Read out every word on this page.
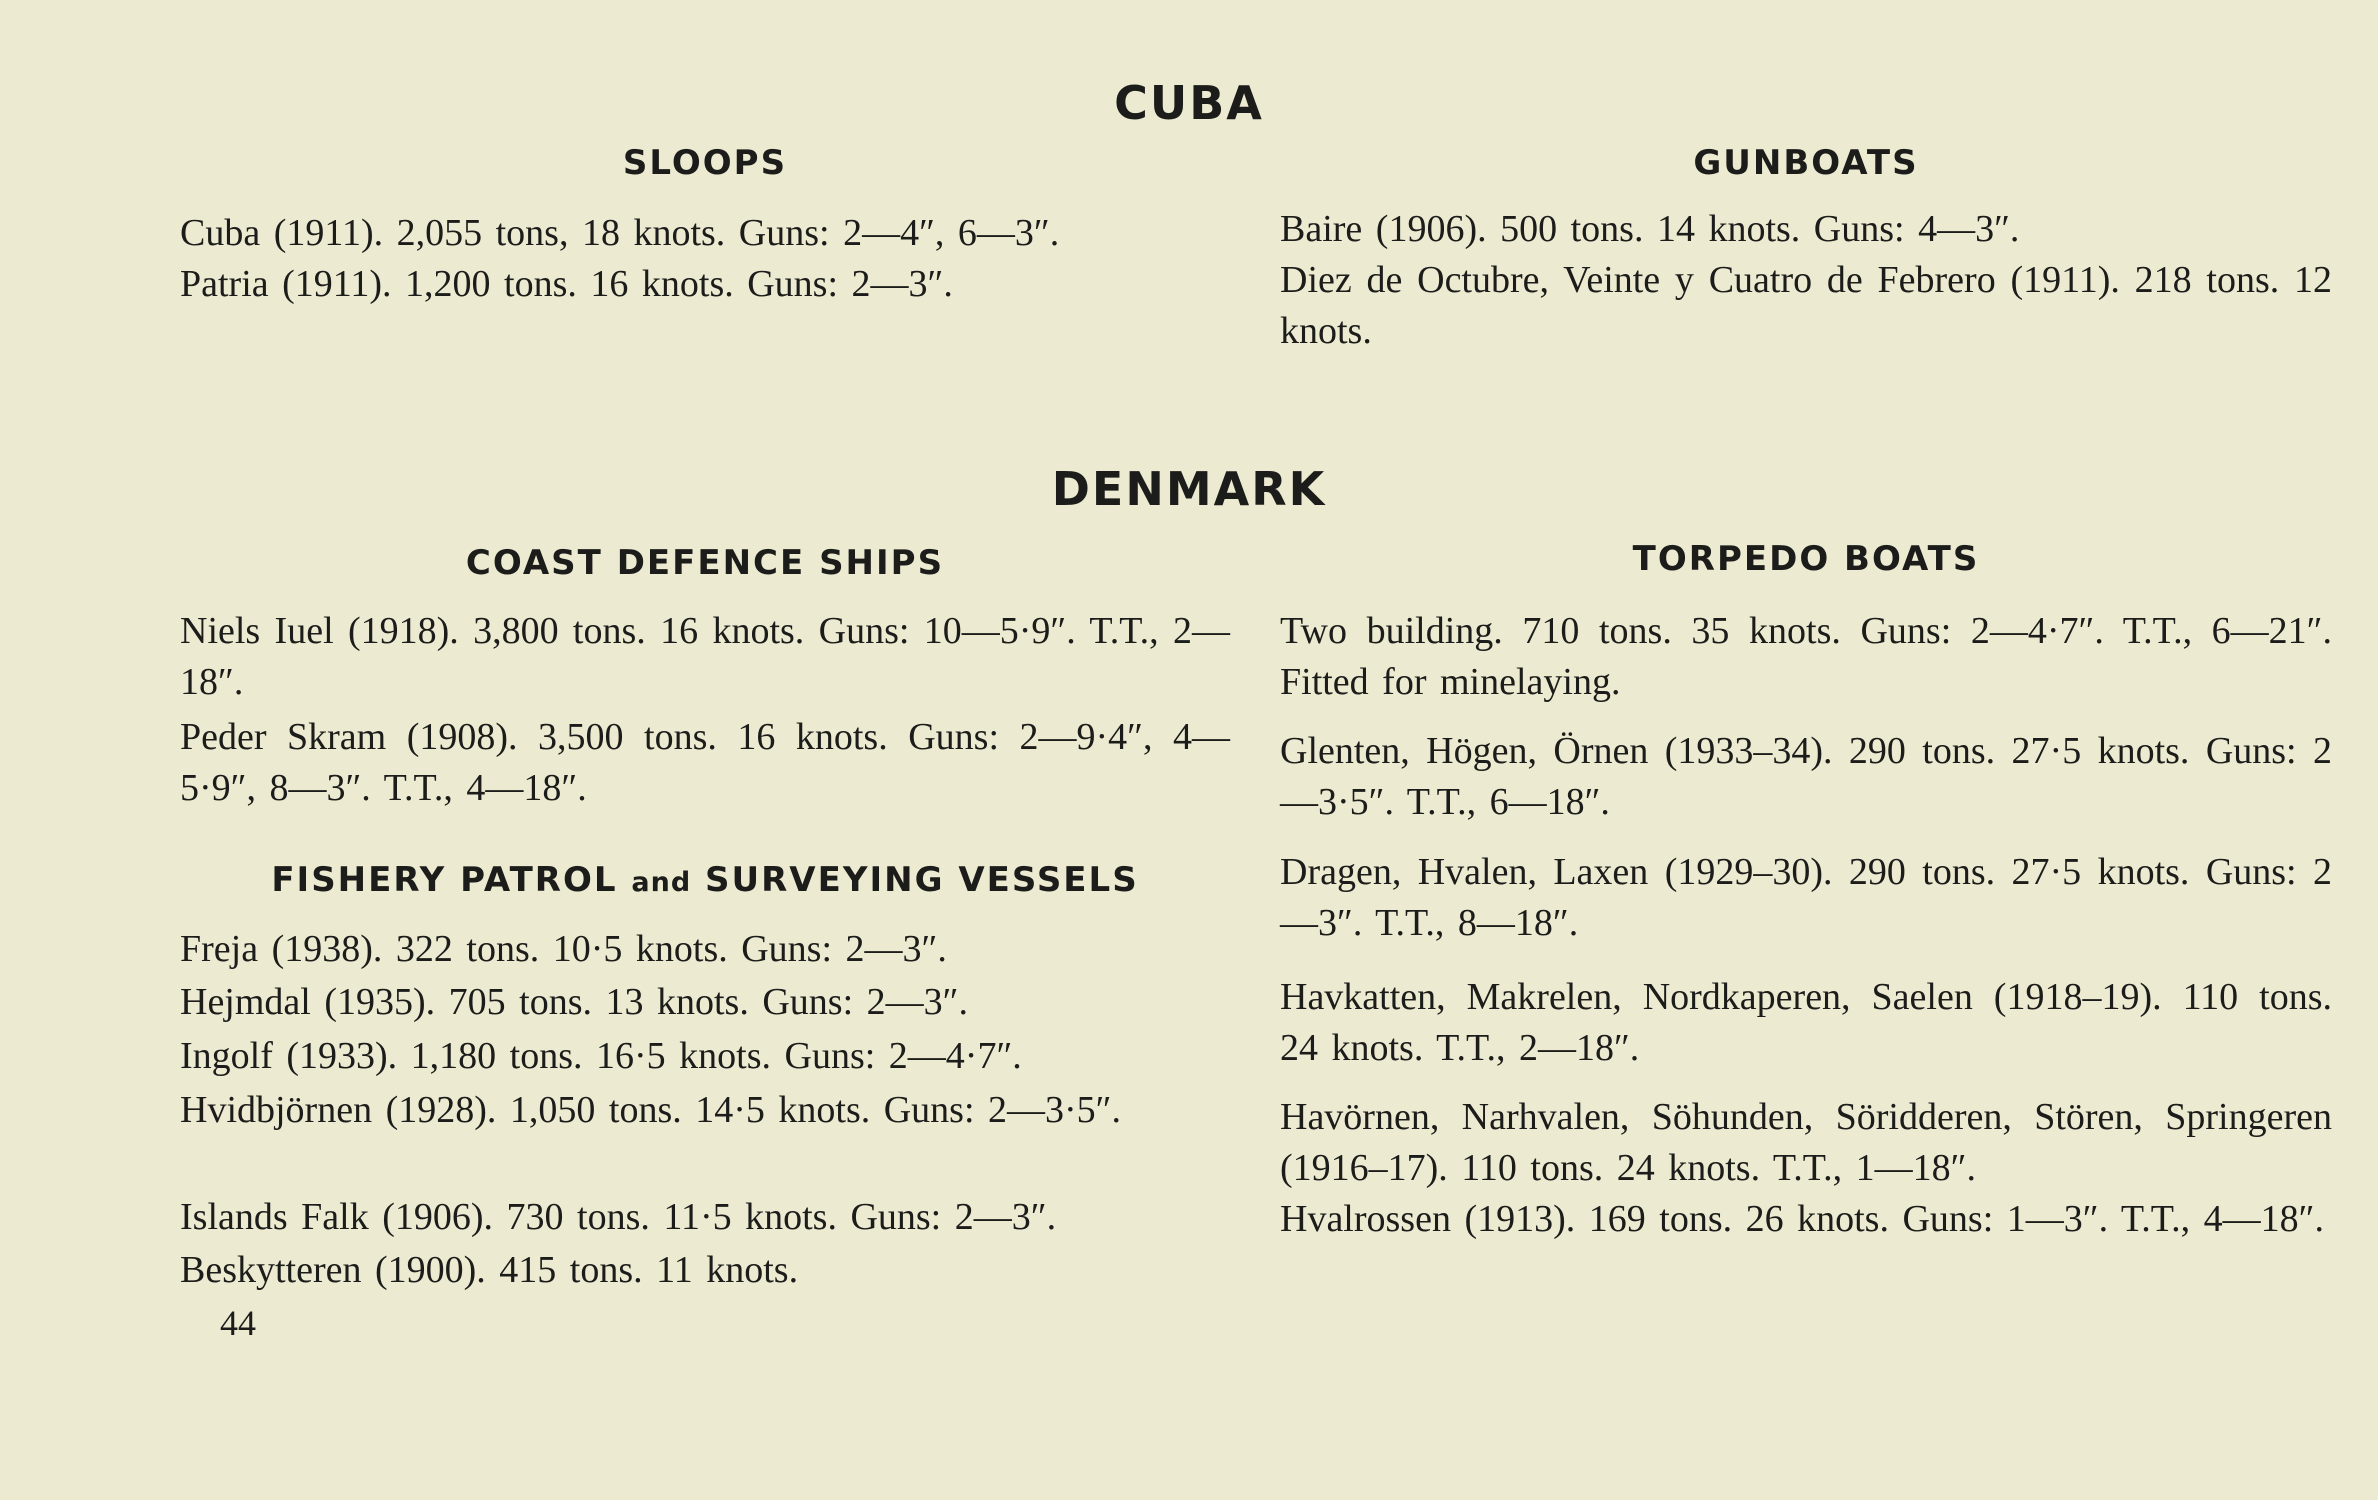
CUBA
SLOOPS

Cuba (1911). 2,055 tons, 18 knots. Guns: 2—4″, 6—3″.

Patria (1911). 1,200 tons. 16 knots. Guns: 2—3″.

GUNBOATS

Baire (1906). 500 tons. 14 knots. Guns: 4—3″.

Diez de Octubre, Veinte y Cuatro de Febrero (1911). 218 tons. 12 knots.

DENMARK
COAST DEFENCE SHIPS

Niels Iuel (1918). 3,800 tons. 16 knots. Guns: 10—5·9″. T.T., 2—18″.

Peder Skram (1908). 3,500 tons. 16 knots. Guns: 2—9·4″, 4—5·9″, 8—3″. T.T., 4—18″.

FISHERY PATROL and SURVEYING VESSELS

Freja (1938). 322 tons. 10·5 knots. Guns: 2—3″.

Hejmdal (1935). 705 tons. 13 knots. Guns: 2—3″.

Ingolf (1933). 1,180 tons. 16·5 knots. Guns: 2—4·7″.

Hvidbjörnen (1928). 1,050 tons. 14·5 knots. Guns: 2—3·5″.

Islands Falk (1906). 730 tons. 11·5 knots. Guns: 2—3″.

Beskytteren (1900). 415 tons. 11 knots.

TORPEDO BOATS

Two building. 710 tons. 35 knots. Guns: 2—4·7″. T.T., 6—21″. Fitted for minelaying.

Glenten, Högen, Örnen (1933–34). 290 tons. 27·5 knots. Guns: 2—3·5″. T.T., 6—18″.

Dragen, Hvalen, Laxen (1929–30). 290 tons. 27·5 knots. Guns: 2—3″. T.T., 8—18″.

Havkatten, Makrelen, Nordkaperen, Saelen (1918–19). 110 tons. 24 knots. T.T., 2—18″.

Havörnen, Narhvalen, Söhunden, Söridderen, Stören, Springeren (1916–17). 110 tons. 24 knots. T.T., 1—18″.

Hvalrossen (1913). 169 tons. 26 knots. Guns: 1—3″. T.T., 4—18″.

44
